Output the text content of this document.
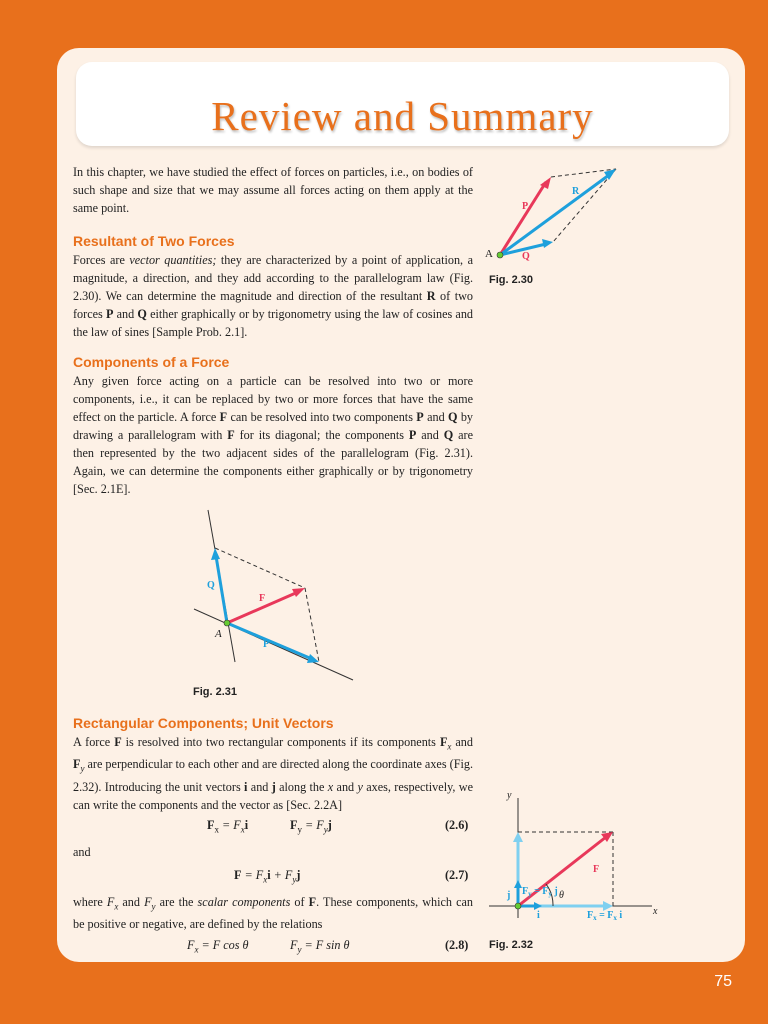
Review and Summary

In this chapter, we have studied the effect of forces on particles, i.e., on bodies of such shape and size that we may assume all forces acting on them apply at the same point.

Resultant of Two Forces

Forces are vector quantities; they are characterized by a point of application, a magnitude, a direction, and they add according to the parallelogram law (Fig. 2.30). We can determine the magnitude and direction of the resultant R of two forces P and Q either graphically or by trigonometry using the law of cosines and the law of sines [Sample Prob. 2.1].

Components of a Force

Any given force acting on a particle can be resolved into two or more components, i.e., it can be replaced by two or more forces that have the same effect on the particle. A force F can be resolved into two components P and Q by drawing a parallelogram with F for its diagonal; the components P and Q are then represented by the two adjacent sides of the parallelogram (Fig. 2.31). Again, we can determine the components either graphically or by trigonometry [Sec. 2.1E].

A	Q
P
R
Fig. 2.30
A
P
Q
F
Fig. 2.31
Rectangular Components; Unit Vectors

A force F is resolved into two rectangular components if its components $F_x$ and $F_y$ are perpendicular to each other and are directed along the coordinate axes (Fig. 2.32). Introducing the unit vectors i and j along the x and y axes, respectively, we can write the components and the vector as [Sec. 2.2A]

$F_x = F_xi$	$F_y = F_yj$	(2.6)
and
$F = F_xi + F_yj$	(2.7)

where $F_x$ and $F_y$ are the scalar components of F. These components, which can be positive or negative, are defined by the relations

$F_x = F$ cos θ	$F_y = F$ sin θ	(2.8)
y
x
$F_y = F_y$ j
j
F
θ
i	$F_x = F_x$ i
Fig. 2.32
75
